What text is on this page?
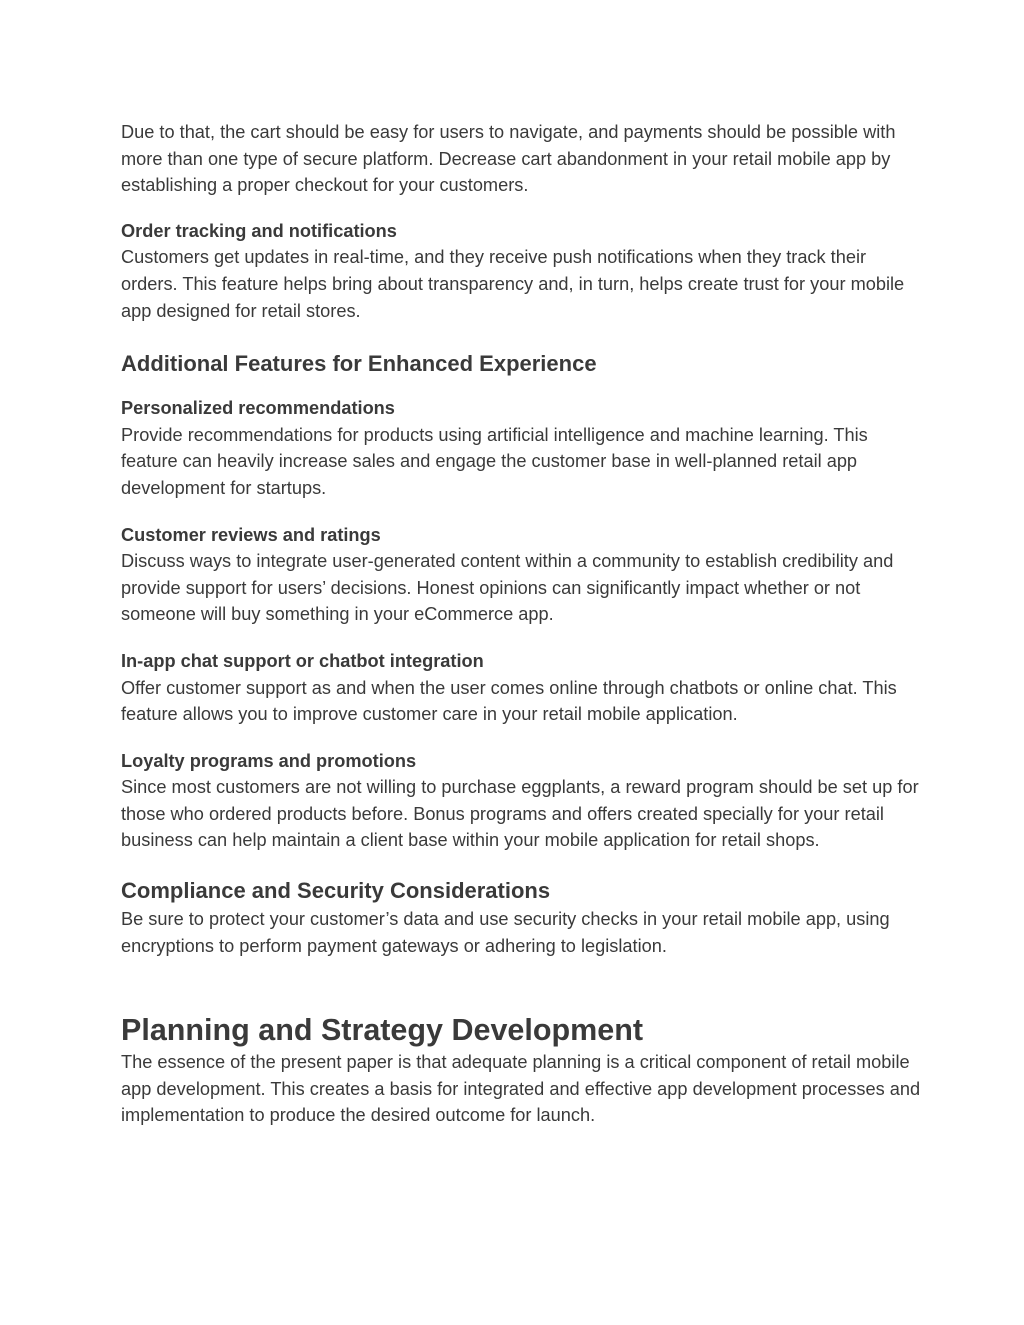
Due to that, the cart should be easy for users to navigate, and payments should be possible with more than one type of secure platform. Decrease cart abandonment in your retail mobile app by establishing a proper checkout for your customers.

Order tracking and notifications

Customers get updates in real-time, and they receive push notifications when they track their orders. This feature helps bring about transparency and, in turn, helps create trust for your mobile app designed for retail stores.

Additional Features for Enhanced Experience
Personalized recommendations

Provide recommendations for products using artificial intelligence and machine learning. This feature can heavily increase sales and engage the customer base in well-planned retail app development for startups.

Customer reviews and ratings

Discuss ways to integrate user-generated content within a community to establish credibility and provide support for users’ decisions. Honest opinions can significantly impact whether or not someone will buy something in your eCommerce app.

In-app chat support or chatbot integration

Offer customer support as and when the user comes online through chatbots or online chat. This feature allows you to improve customer care in your retail mobile application.

Loyalty programs and promotions

Since most customers are not willing to purchase eggplants, a reward program should be set up for those who ordered products before. Bonus programs and offers created specially for your retail business can help maintain a client base within your mobile application for retail shops.

Compliance and Security Considerations

Be sure to protect your customer’s data and use security checks in your retail mobile app, using encryptions to perform payment gateways or adhering to legislation.

Planning and Strategy Development

The essence of the present paper is that adequate planning is a critical component of retail mobile app development. This creates a basis for integrated and effective app development processes and implementation to produce the desired outcome for launch.
